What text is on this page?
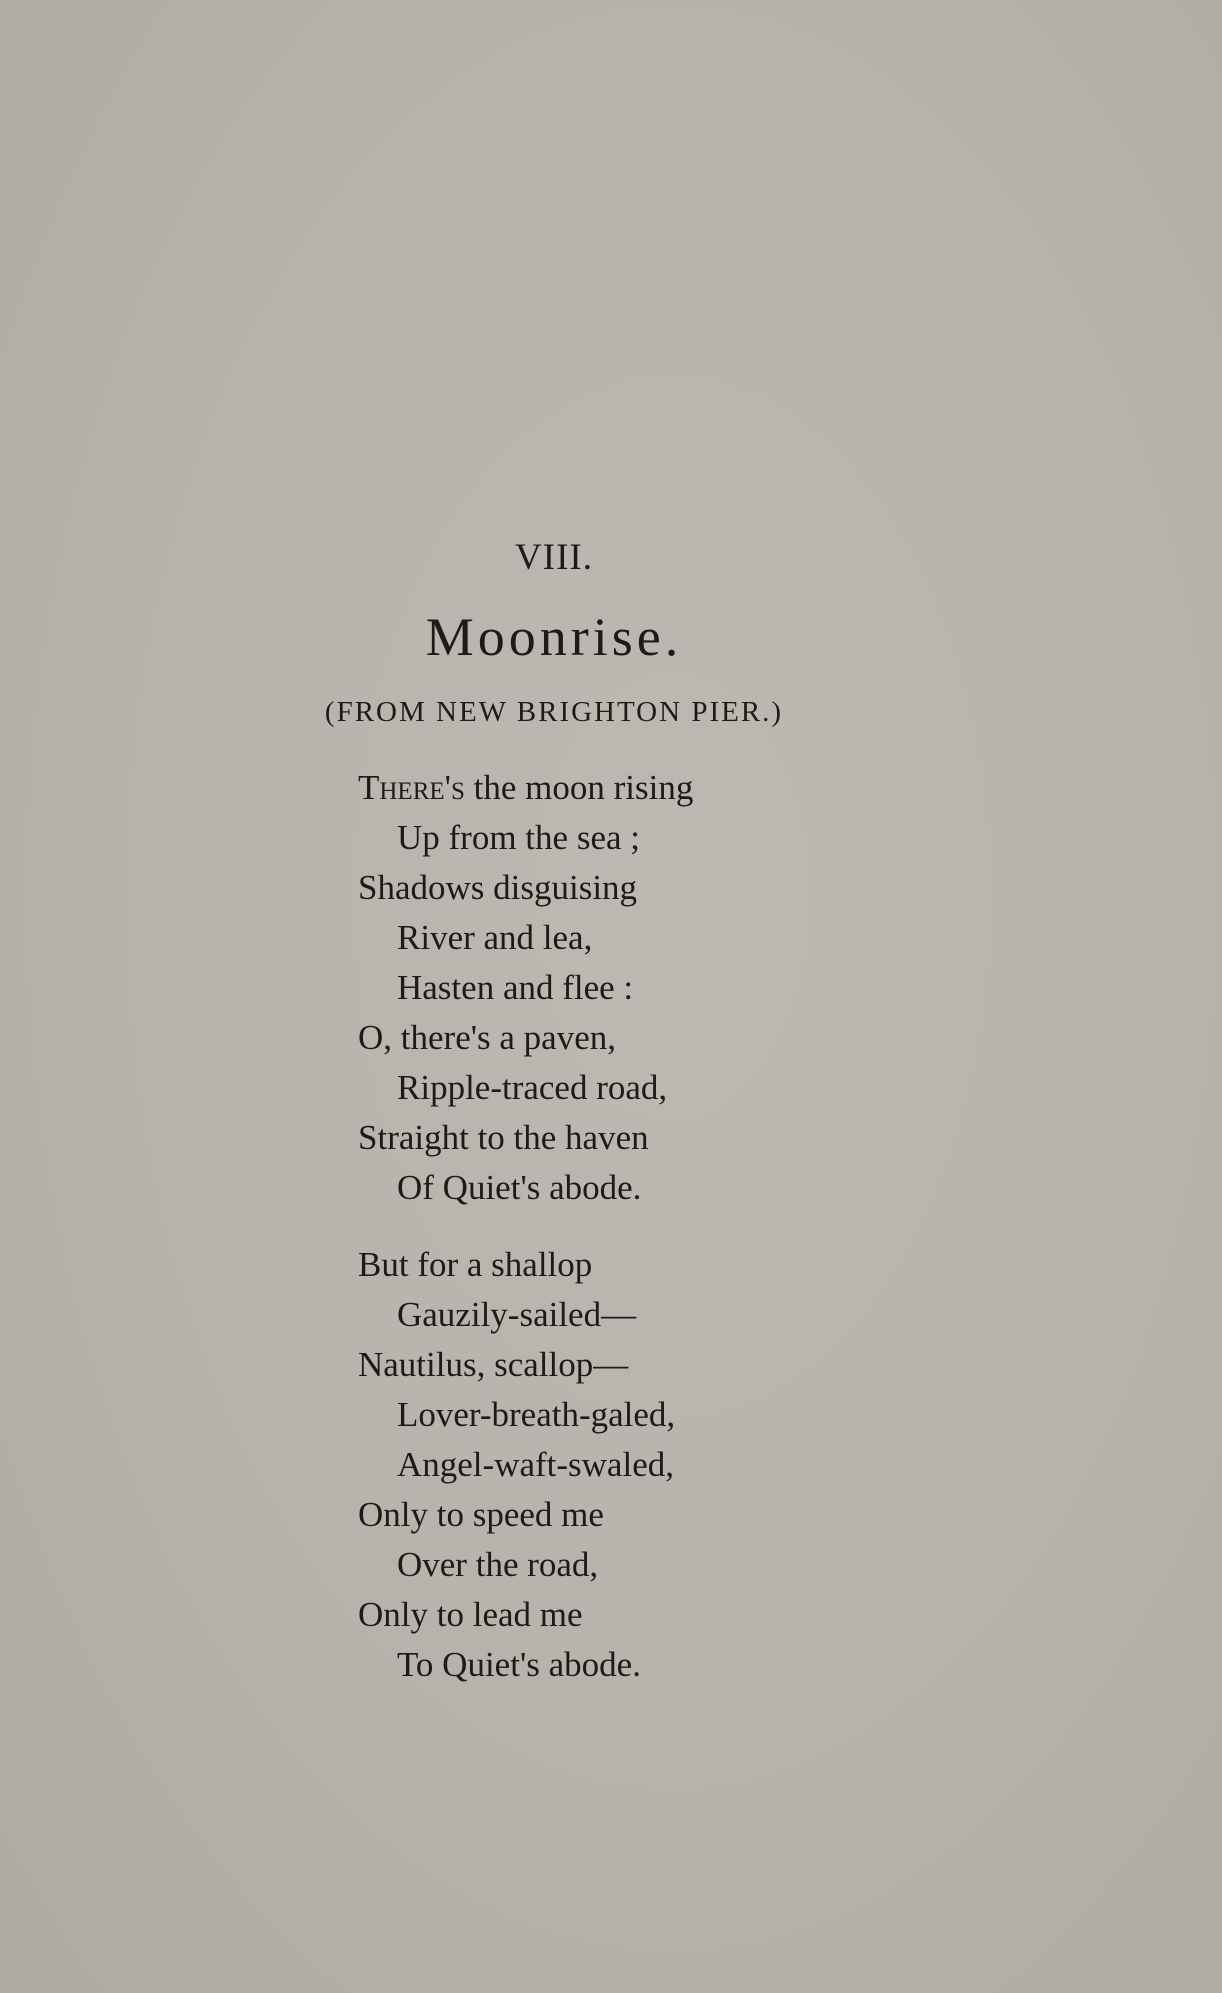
VIII.
Moonrise.
(FROM NEW BRIGHTON PIER.)
There's the moon rising
Up from the sea ;
Shadows disguising
River and lea,
Hasten and flee :
O, there's a paven,
Ripple-traced road,
Straight to the haven
Of Quiet's abode.
But for a shallop
Gauzily-sailed—
Nautilus, scallop—
Lover-breath-galed,
Angel-waft-swaled,
Only to speed me
Over the road,
Only to lead me
To Quiet's abode.
